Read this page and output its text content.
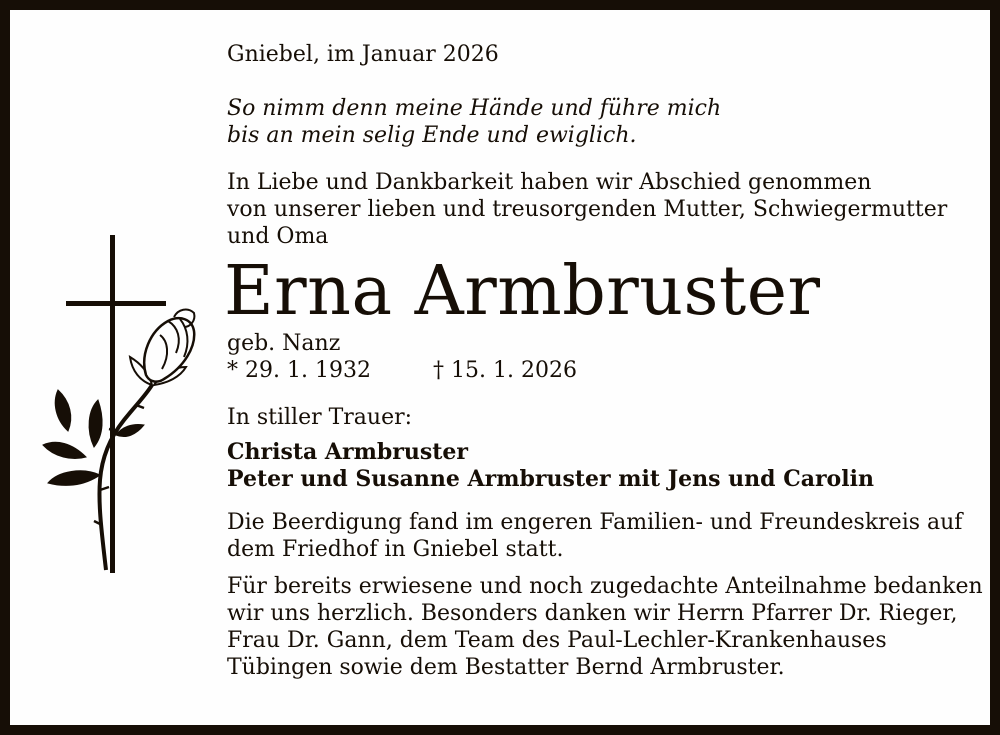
Gniebel, im Januar 2026
So nimm denn meine Hände und führe mich
bis an mein selig Ende und ewiglich.
In Liebe und Dankbarkeit haben wir Abschied genommen
von unserer lieben und treusorgenden Mutter, Schwiegermutter
und Oma
Erna Armbruster
geb. Nanz
* 29. 1. 1932	† 15. 1. 2026
In stiller Trauer:
Christa Armbruster
Peter und Susanne Armbruster mit Jens und Carolin
Die Beerdigung fand im engeren Familien- und Freundeskreis auf
dem Friedhof in Gniebel statt.
Für bereits erwiesene und noch zugedachte Anteilnahme bedanken
wir uns herzlich. Besonders danken wir Herrn Pfarrer Dr. Rieger,
Frau Dr. Gann, dem Team des Paul-Lechler-Krankenhauses
Tübingen sowie dem Bestatter Bernd Armbruster.
